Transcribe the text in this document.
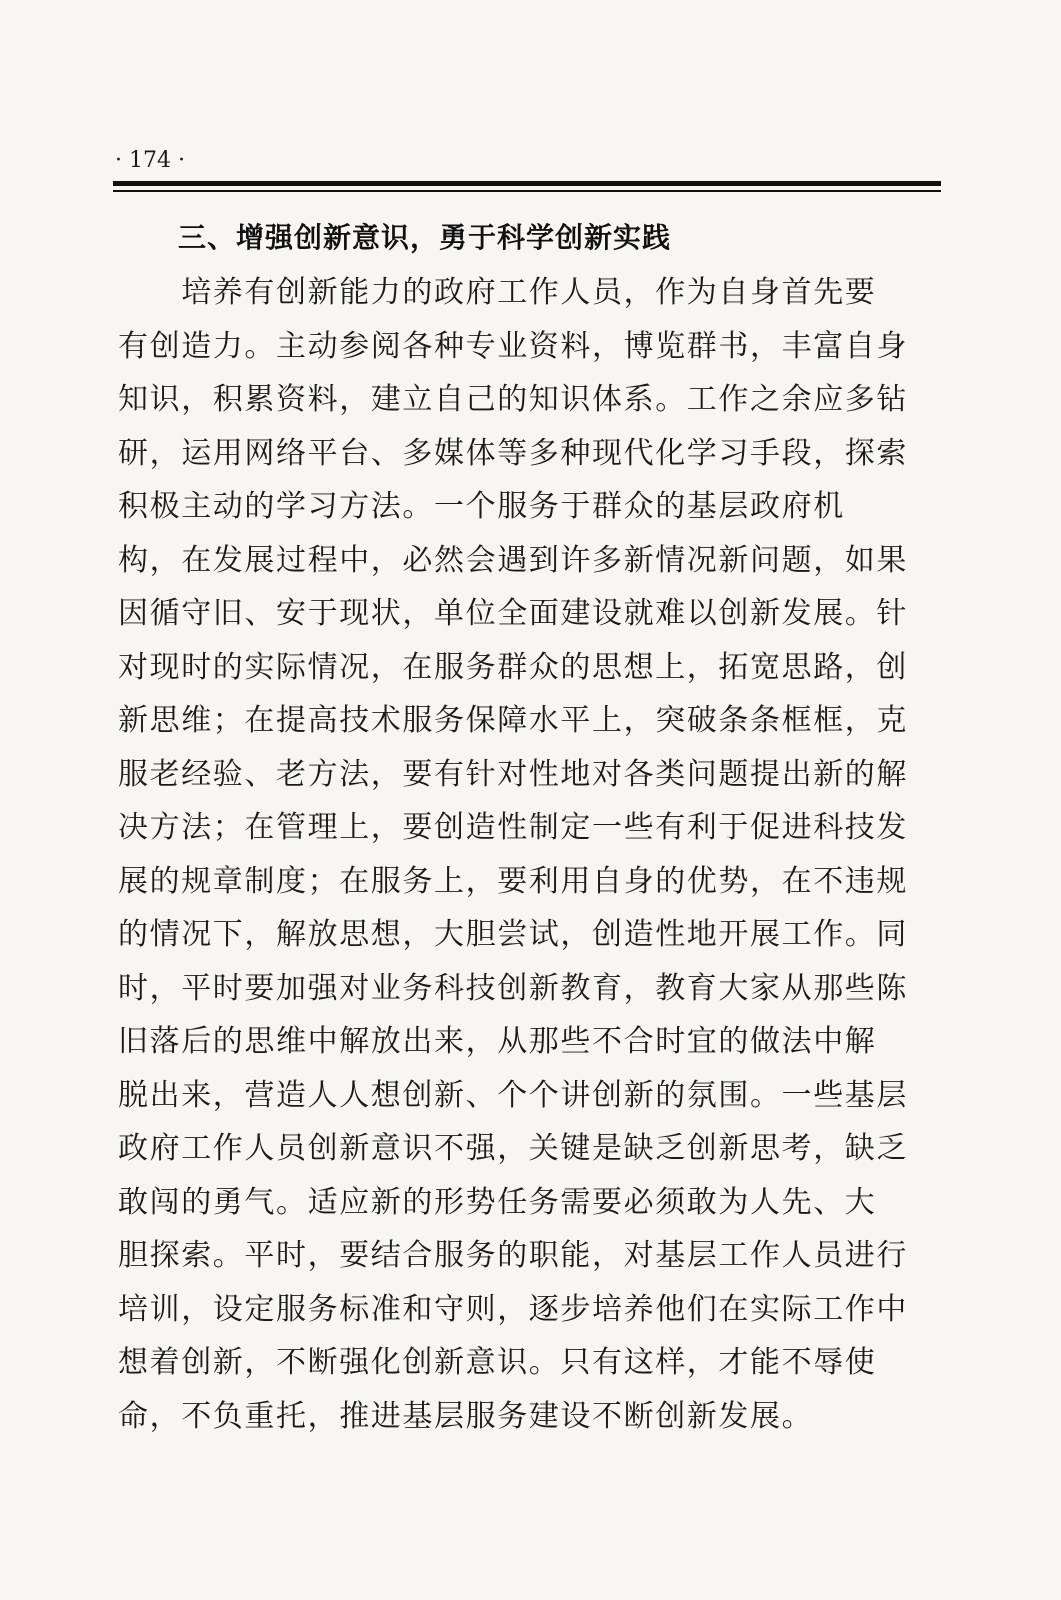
· 174 ·
三、增强创新意识，勇于科学创新实践
　　培养有创新能力的政府工作人员，作为自身首先要
有创造力。主动参阅各种专业资料，博览群书，丰富自身
知识，积累资料，建立自己的知识体系。工作之余应多钻
研，运用网络平台、多媒体等多种现代化学习手段，探索
积极主动的学习方法。一个服务于群众的基层政府机
构，在发展过程中，必然会遇到许多新情况新问题，如果
因循守旧、安于现状，单位全面建设就难以创新发展。针
对现时的实际情况，在服务群众的思想上，拓宽思路，创
新思维；在提高技术服务保障水平上，突破条条框框，克
服老经验、老方法，要有针对性地对各类问题提出新的解
决方法；在管理上，要创造性制定一些有利于促进科技发
展的规章制度；在服务上，要利用自身的优势，在不违规
的情况下，解放思想，大胆尝试，创造性地开展工作。同
时，平时要加强对业务科技创新教育，教育大家从那些陈
旧落后的思维中解放出来，从那些不合时宜的做法中解
脱出来，营造人人想创新、个个讲创新的氛围。一些基层
政府工作人员创新意识不强，关键是缺乏创新思考，缺乏
敢闯的勇气。适应新的形势任务需要必须敢为人先、大
胆探索。平时，要结合服务的职能，对基层工作人员进行
培训，设定服务标准和守则，逐步培养他们在实际工作中
想着创新，不断强化创新意识。只有这样，才能不辱使
命，不负重托，推进基层服务建设不断创新发展。
